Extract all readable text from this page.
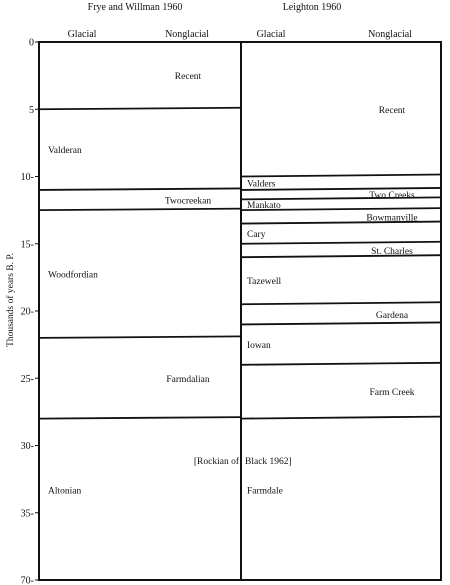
Frye and Willman 1960	Leighton 1960
Glacial	Nonglacial	Glacial	Nonglacial
Thousands of years B. P.
0
5
10-
15-
20-
25-
30-
35-
70-
Recent
Valderan
Twocreekan
Woodfordian
Farmdalian
Altonian
Recent
Valders
Two Creeks
Mankato
Bowmanville
Cary
St. Charles
Tazewell
Gardena
Iowan
Farm Creek
Farmdale
[Rockian of Black 1962]
